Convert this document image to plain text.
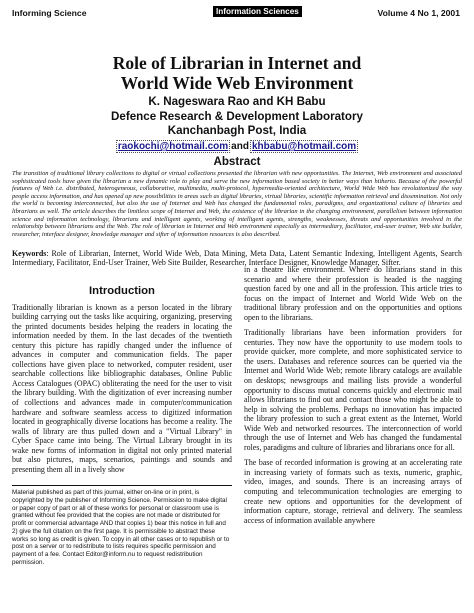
Informing Science	Information Sciences	Volume 4 No 1, 2001
Role of Librarian in Internet and
World Wide Web Environment
K. Nageswara Rao and KH Babu
Defence Research & Development Laboratory
Kanchanbagh Post, India
raokochi@hotmail.com and khbabu@hotmail.com
Abstract
The transition of traditional library collections to digital or virtual collections presented the librarian with new opportunities. The Internet, Web environment and associated sophisticated tools have given the librarian a new dynamic role to play and serve the new information based society in better ways than hitherto. Because of the powerful features of Web i.e. distributed, heterogeneous, collaborative, multimedia, multi-protocol, hypermedia-oriented architecture, World Wide Web has revolutionized the way people access information, and has opened up new possibilities in areas such as digital libraries, virtual libraries, scientific information retrieval and dissemination. Not only the world is becoming interconnected, but also the use of Internet and Web has changed the fundamental roles, paradigms, and organizational culture of libraries and librarians as well. The article describes the limitless scope of Internet and Web, the existence of the librarian in the changing environment, parallelism between information science and information technology, librarians and intelligent agents, working of intelligent agents, strengths, weaknesses, threats and opportunities involved in the relationship between librarians and the Web. The role of librarian in Internet and Web environment especially as intermediary, facilitator, end-user trainer, Web site builder, researcher, interface designer, knowledge manager and sifter of information resources is also described.
Keywords: Role of Librarian, Internet, World Wide Web, Data Mining, Meta Data, Latent Semantic Indexing, Intelligent Agents, Search Intermediary, Facilitator, End-User Trainer, Web Site Builder, Researcher, Interface Designer, Knowledge Manager, Sifter.
Introduction

Traditionally librarian is known as a person located in the library building carrying out the tasks like acquiring, organizing, preserving the printed documents besides helping the readers in locating the information needed by them. In the last decades of the twentieth century this picture has rapidly changed under the influence of advances in computer and communication fields. The paper collections have given place to networked, computer resident, user searchable collections like bibliographic databases, Online Public Access Catalogues (OPAC) obliterating the need for the user to visit the library building. With the digitization of ever increasing number of collections and advances made in computer/communication hardware and software seamless access to digitized information located in geographically diverse locations has become a reality. The walls of library are thus pulled down and a "Virtual Library" in Cyber Space came into being. The Virtual Library brought in its wake new forms of information in digital not only printed material but also pictures, maps, scenarios, paintings and sounds and presenting them all in a lively show

Material published as part of this journal, either on-line or in print, is copyrighted by the publisher of Informing Science. Permission to make digital or paper copy of part or all of these works for personal or classroom use is granted without fee provided that the copies are not made or distributed for profit or commercial advantage AND that copies 1) bear this notice in full and 2) give the full citation on the first page. It is permissible to abstract these works so long as credit is given. To copy in all other cases or to republish or to post on a server or to redistribute to lists requires specific permission and payment of a fee. Contact Editor@inform.nu to request redistribution permission.

in a theatre like environment. Where do librarians stand in this scenario and where their profession is headed is the nagging question faced by one and all in the profession. This article tries to focus on the impact of Internet and World Wide Web on the traditional library profession and on the opportunities and options open to the librarians.

Traditionally librarians have been information providers for centuries. They now have the opportunity to use modern tools to provide quicker, more complete, and more sophisticated service to the users. Databases and reference sources can be queried via the Internet and World Wide Web; remote library catalogs are available on desktops; newsgroups and mailing lists provide a wonderful opportunity to discuss mutual concerns quickly and electronic mail allows librarians to find out and contact those who might be able to help in solving the problems. Perhaps no innovation has impacted the library profession to such a great extent as the Internet, World Wide Web and networked resources. The interconnection of world through the use of Internet and Web has changed the fundamental roles, paradigms and culture of libraries and librarians once for all.

The base of recorded information is growing at an accelerating rate in increasing variety of formats such as texts, numeric, graphic, video, images, and sounds. There is an increasing arrays of computing and telecommunication technologies are emerging to create new options and opportunities for the development of information capture, storage, retrieval and delivery. The seamless access of information available anywhere
